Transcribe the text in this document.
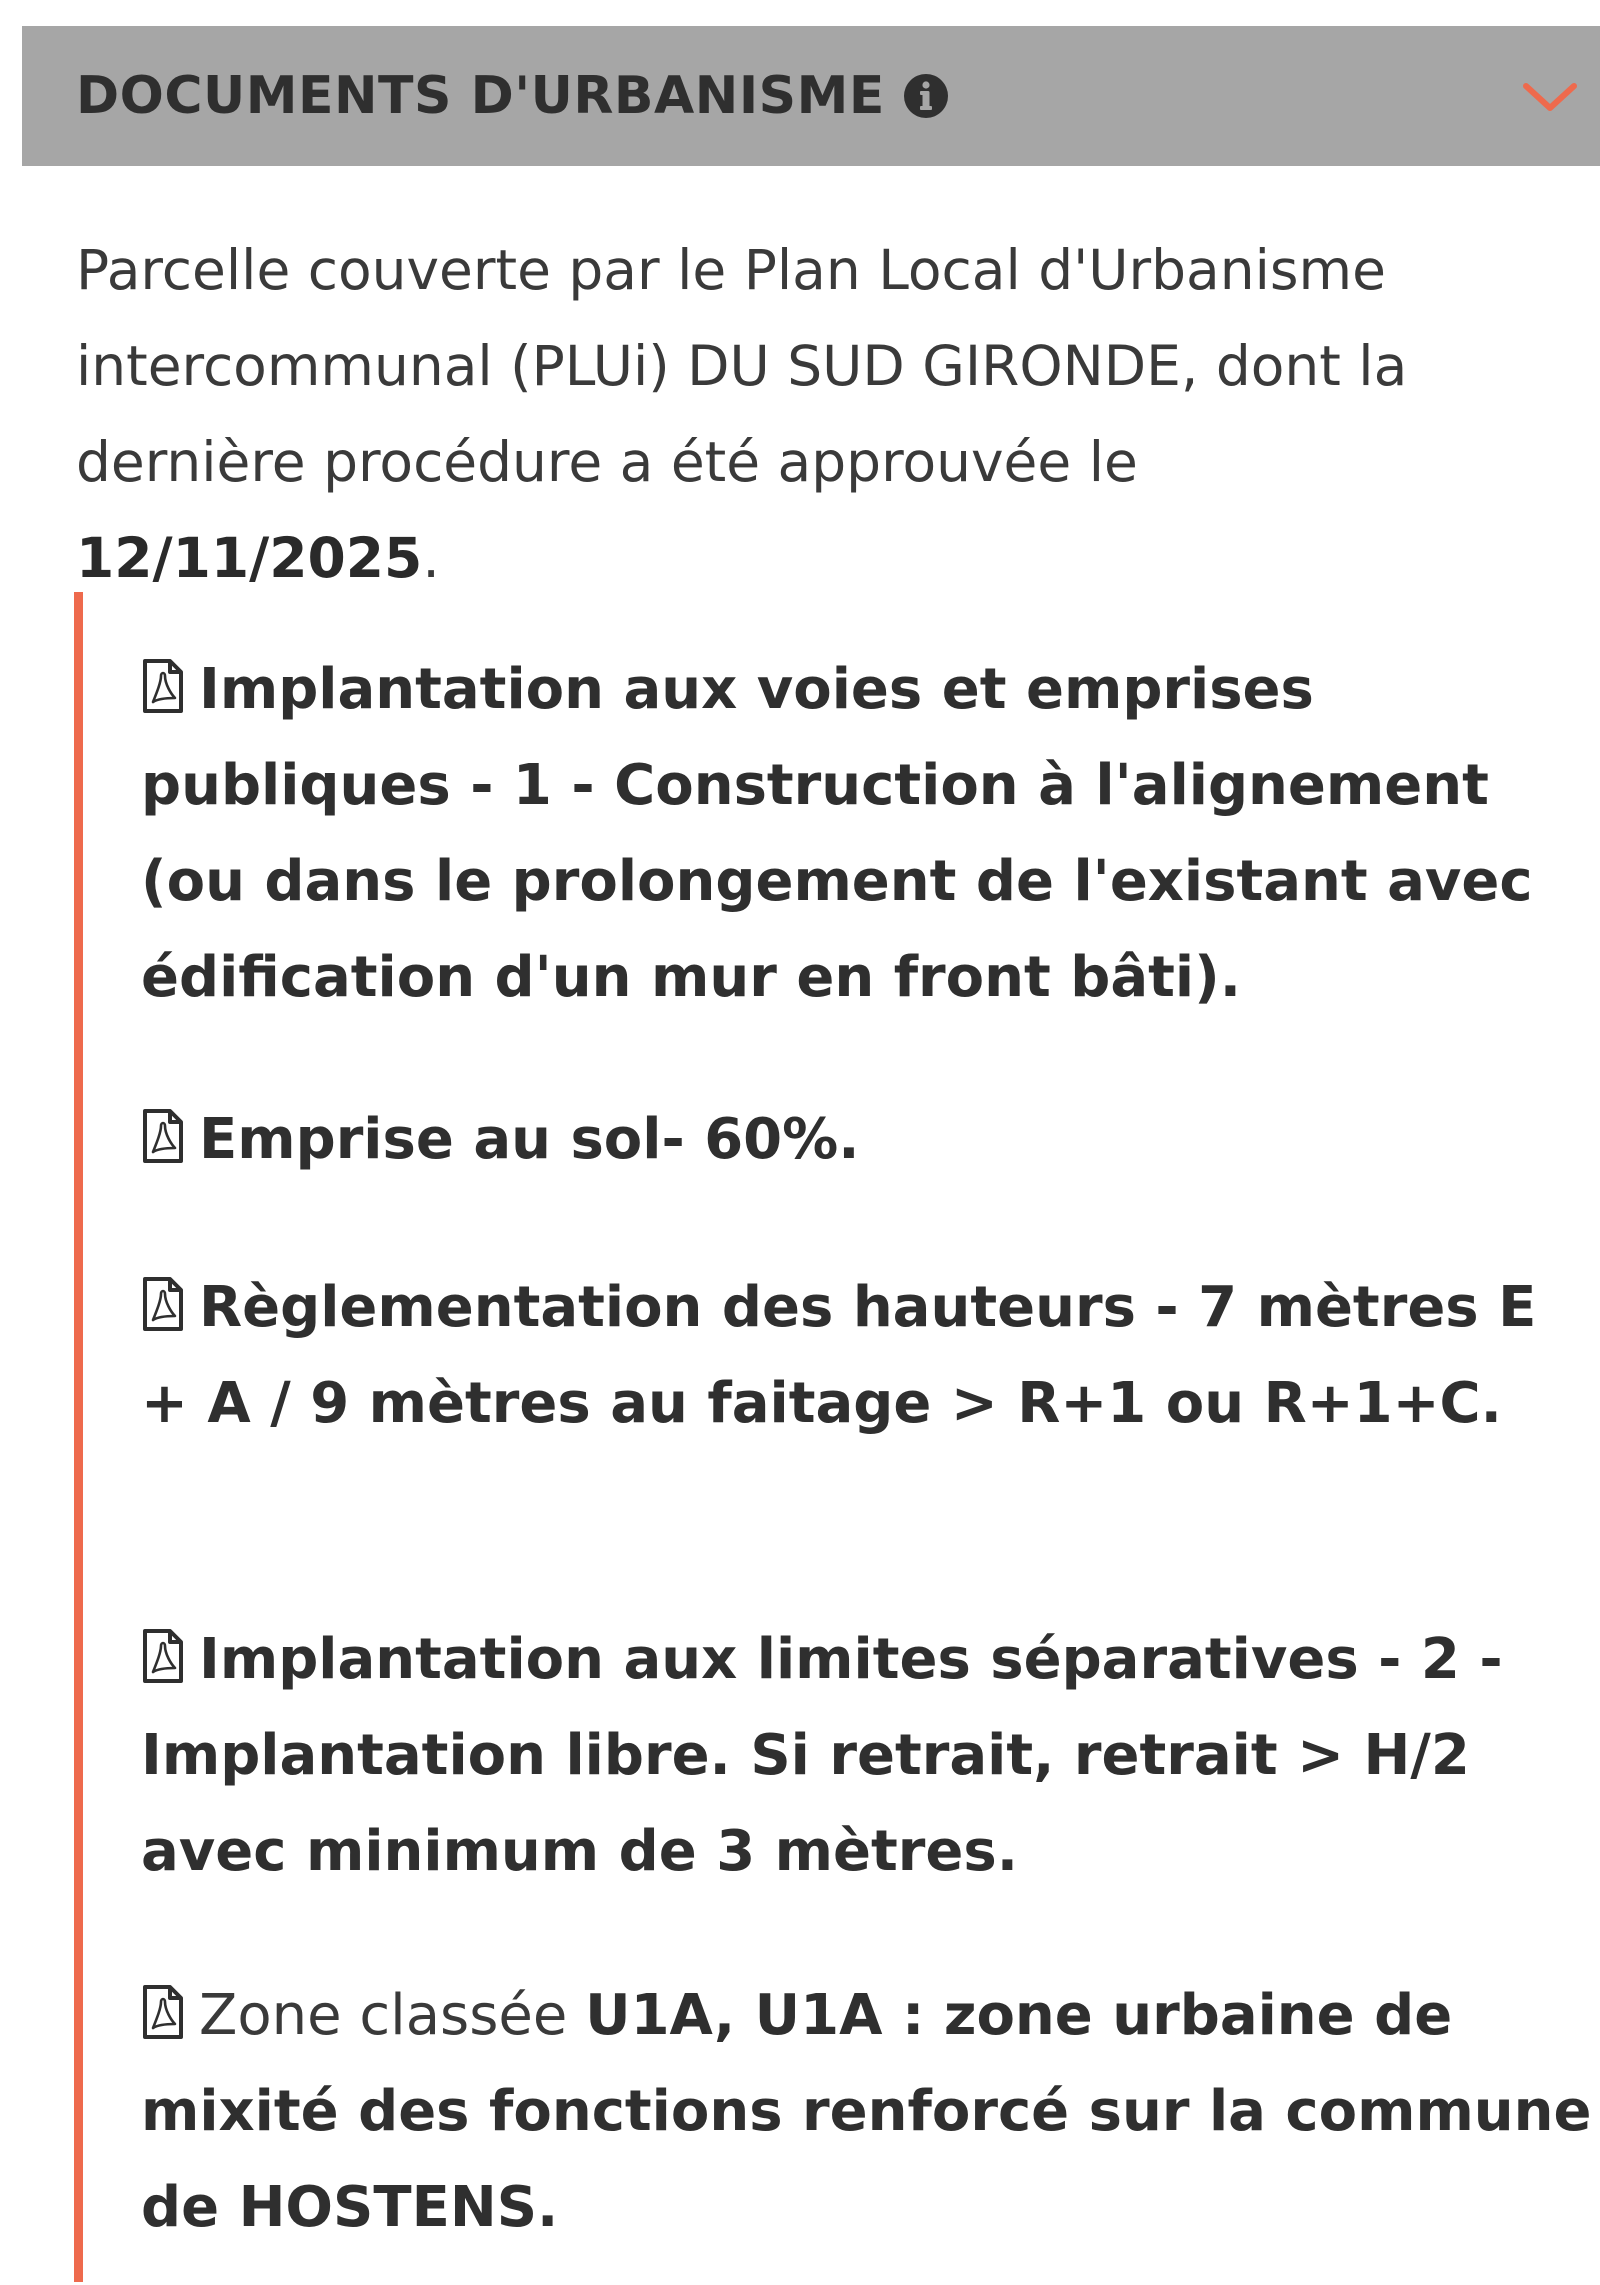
DOCUMENTS D'URBANISME

Parcelle couverte par le Plan Local d'Urbanisme intercommunal (PLUi) DU SUD GIRONDE, dont la dernière procédure a été approuvée le 12/11/2025.

Implantation aux voies et emprises publiques - 1 - Construction à l'alignement (ou dans le prolongement de l'existant avec édification d'un mur en front bâti).

Emprise au sol- 60%.

Règlementation des hauteurs - 7 mètres E + A / 9 mètres au faitage > R+1 ou R+1+C.

Implantation aux limites séparatives - 2 - Implantation libre. Si retrait, retrait > H/2 avec minimum de 3 mètres.

Zone classée U1A, U1A : zone urbaine de mixité des fonctions renforcé sur la commune de HOSTENS.
